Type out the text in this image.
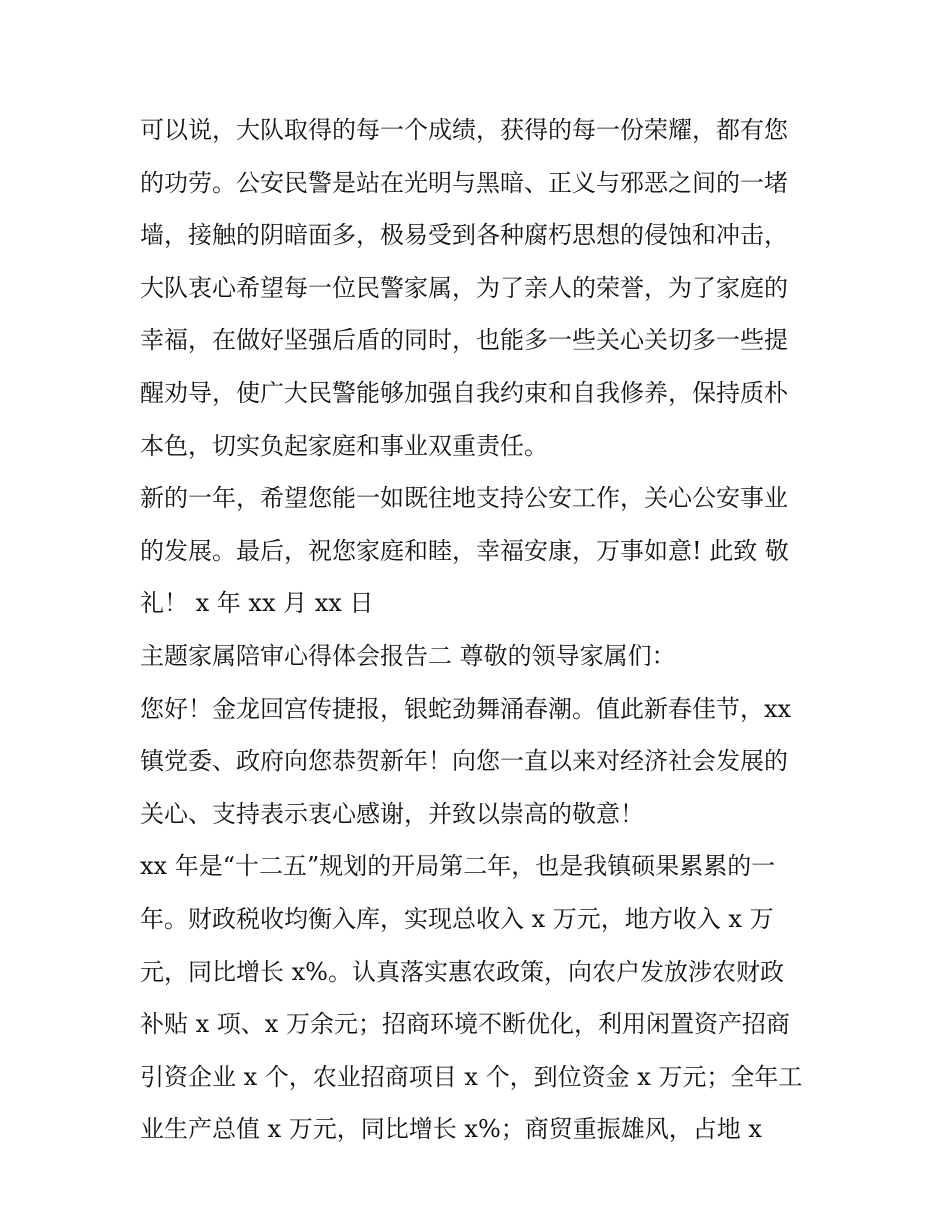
可以说，大队取得的每一个成绩，获得的每一份荣耀，都有您
的功劳。公安民警是站在光明与黑暗、正义与邪恶之间的一堵
墙，接触的阴暗面多，极易受到各种腐朽思想的侵蚀和冲击，
大队衷心希望每一位民警家属，为了亲人的荣誉，为了家庭的
幸福，在做好坚强后盾的同时，也能多一些关心关切多一些提
醒劝导，使广大民警能够加强自我约束和自我修养，保持质朴
本色，切实负起家庭和事业双重责任。
新的一年，希望您能一如既往地支持公安工作，关心公安事业
的发展。最后，祝您家庭和睦，幸福安康，万事如意! 此致 敬
礼！ x 年 xx 月 xx 日
主题家属陪审心得体会报告二 尊敬的领导家属们：
您好！金龙回宫传捷报，银蛇劲舞涌春潮。值此新春佳节，xx
镇党委、政府向您恭贺新年！向您一直以来对经济社会发展的
关心、支持表示衷心感谢，并致以崇高的敬意！
xx 年是“十二五”规划的开局第二年，也是我镇硕果累累的一
年。财政税收均衡入库，实现总收入 x 万元，地方收入 x 万
元，同比增长 x%。认真落实惠农政策，向农户发放涉农财政
补贴 x 项、x 万余元；招商环境不断优化，利用闲置资产招商
引资企业 x 个，农业招商项目 x 个，到位资金 x 万元；全年工
业生产总值 x 万元，同比增长 x%；商贸重振雄风，占地 x
